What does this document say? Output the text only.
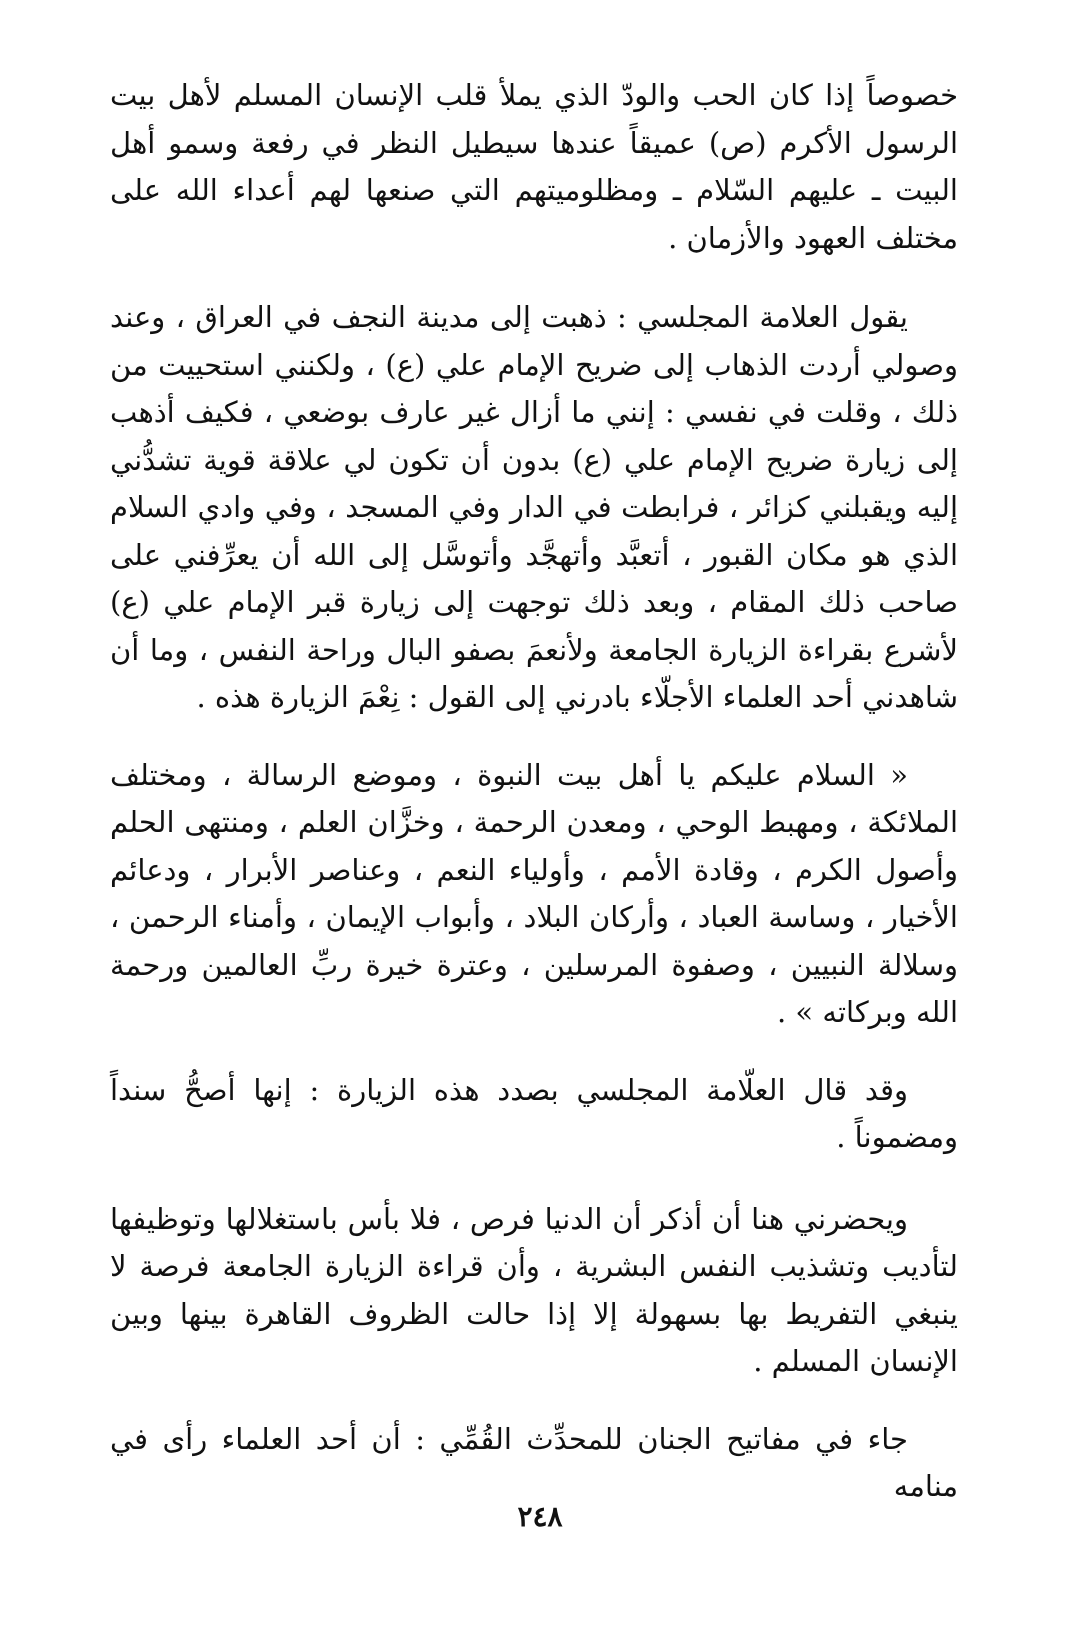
خصوصاً إذا كان الحب والودّ الذي يملأ قلب الإنسان المسلم لأهل بيت الرسول الأكرم (ص) عميقاً عندها سيطيل النظر في رفعة وسمو أهل البيت ـ عليهم السّلام ـ ومظلوميتهم التي صنعها لهم أعداء الله على مختلف العهود والأزمان .

يقول العلامة المجلسي : ذهبت إلى مدينة النجف في العراق ، وعند وصولي أردت الذهاب إلى ضريح الإمام علي (ع) ، ولكنني استحييت من ذلك ، وقلت في نفسي : إنني ما أزال غير عارف بوضعي ، فكيف أذهب إلى زيارة ضريح الإمام علي (ع) بدون أن تكون لي علاقة قوية تشدُّني إليه ويقبلني كزائر ، فرابطت في الدار وفي المسجد ، وفي وادي السلام الذي هو مكان القبور ، أتعبَّد وأتهجَّد وأتوسَّل إلى الله أن يعرِّفني على صاحب ذلك المقام ، وبعد ذلك توجهت إلى زيارة قبر الإمام علي (ع) لأشرع بقراءة الزيارة الجامعة ولأنعمَ بصفو البال وراحة النفس ، وما أن شاهدني أحد العلماء الأجلّاء بادرني إلى القول : نِعْمَ الزيارة هذه .

« السلام عليكم يا أهل بيت النبوة ، وموضع الرسالة ، ومختلف الملائكة ، ومهبط الوحي ، ومعدن الرحمة ، وخزَّان العلم ، ومنتهى الحلم وأصول الكرم ، وقادة الأمم ، وأولياء النعم ، وعناصر الأبرار ، ودعائم الأخيار ، وساسة العباد ، وأركان البلاد ، وأبواب الإيمان ، وأمناء الرحمن ، وسلالة النبيين ، وصفوة المرسلين ، وعترة خيرة ربِّ العالمين ورحمة الله وبركاته » .

وقد قال العلّامة المجلسي بصدد هذه الزيارة : إنها أصحُّ سنداً ومضموناً .

ويحضرني هنا أن أذكر أن الدنيا فرص ، فلا بأس باستغلالها وتوظيفها لتأديب وتشذيب النفس البشرية ، وأن قراءة الزيارة الجامعة فرصة لا ينبغي التفريط بها بسهولة إلا إذا حالت الظروف القاهرة بينها وبين الإنسان المسلم .

جاء في مفاتيح الجنان للمحدِّث القُمِّي : أن أحد العلماء رأى في منامه

٢٤٨
